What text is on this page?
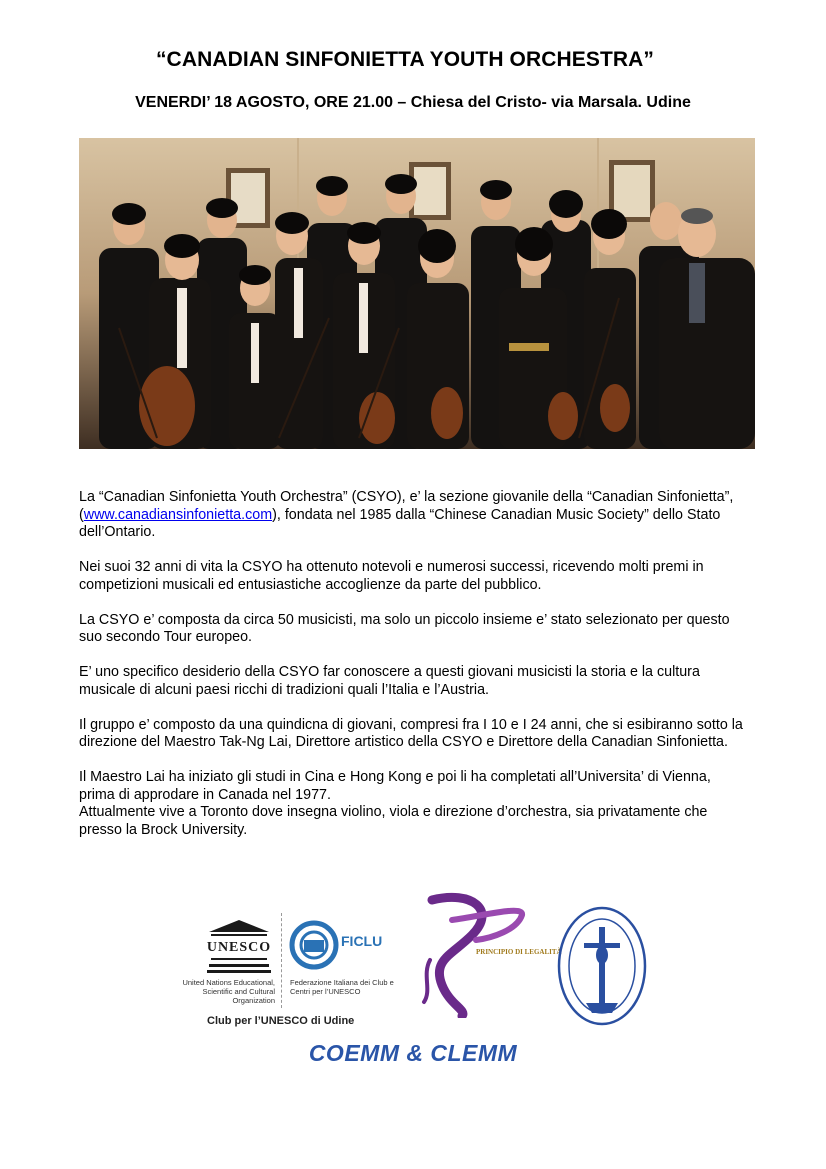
“CANADIAN SINFONIETTA YOUTH ORCHESTRA”
VENERDI’ 18 AGOSTO, ORE 21.00 – Chiesa del Cristo- via Marsala. Udine

La “Canadian Sinfonietta Youth Orchestra” (CSYO), e’ la sezione giovanile della “Canadian Sinfonietta”, (www.canadiansinfonietta.com), fondata nel 1985 dalla “Chinese Canadian Music Society” dello Stato dell’Ontario.

Nei suoi 32 anni di vita la CSYO ha ottenuto notevoli e numerosi successi, ricevendo molti premi in competizioni musicali ed entusiastiche accoglienze da parte del pubblico.

La CSYO e’ composta da circa 50 musicisti, ma solo un piccolo insieme e’ stato selezionato per questo suo secondo Tour europeo.

E’ uno specifico desiderio della CSYO far conoscere a questi giovani musicisti la storia e la cultura musicale di alcuni paesi ricchi di tradizioni quali l’Italia e l’Austria.

Il gruppo e’ composto da una quindicna di giovani, compresi fra I 10 e I 24 anni, che si esibiranno sotto la direzione del Maestro Tak-Ng Lai, Direttore artistico della CSYO e Direttore della Canadian Sinfonietta.

Il Maestro Lai ha iniziato gli studi in Cina e Hong Kong e poi li ha completati all’Universita’ di Vienna, prima di approdare in Canada nel 1977.

Attualmente vive a Toronto dove insegna violino, viola e direzione d’orchestra, sia privatamente che presso la Brock University.

UNESCO
United Nations Educational, Scientific and Cultural Organization
FICLU
Federazione Italiana dei Club e Centri per l’UNESCO
Club per l’UNESCO di Udine
PRINCIPIO DI LEGALITÀ
COEMM & CLEMM
